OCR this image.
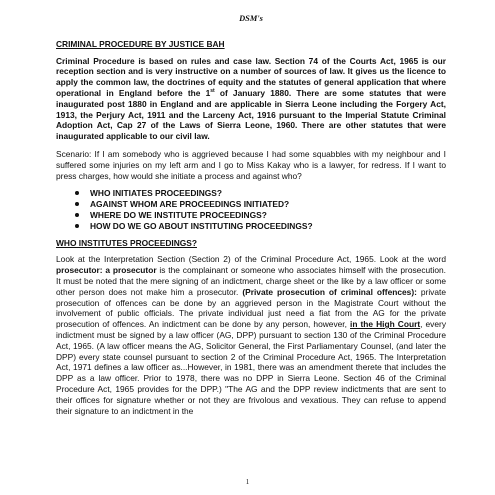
DSM's
CRIMINAL PROCEDURE BY JUSTICE BAH

Criminal Procedure is based on rules and case law. Section 74 of the Courts Act, 1965 is our reception section and is very instructive on a number of sources of law. It gives us the licence to apply the common law, the doctrines of equity and the statutes of general application that where operational in England before the 1st of January 1880. There are some statutes that were inaugurated post 1880 in England and are applicable in Sierra Leone including the Forgery Act, 1913, the Perjury Act, 1911 and the Larceny Act, 1916 pursuant to the Imperial Statute Criminal Adoption Act, Cap 27 of the Laws of Sierra Leone, 1960. There are other statutes that were inaugurated applicable to our civil law.

Scenario: If I am somebody who is aggrieved because I had some squabbles with my neighbour and I suffered some injuries on my left arm and I go to Miss Kakay who is a lawyer, for redress. If I want to press charges, how would she initiate a process and against who?

WHO INITIATES PROCEEDINGS?
AGAINST WHOM ARE PROCEEDINGS INITIATED?
WHERE DO WE INSTITUTE PROCEEDINGS?
HOW DO WE GO ABOUT INSTITUTING PROCEEDINGS?
WHO INSTITUTES PROCEEDINGS?

Look at the Interpretation Section (Section 2) of the Criminal Procedure Act, 1965. Look at the word prosecutor: a prosecutor is the complainant or someone who associates himself with the prosecution. It must be noted that the mere signing of an indictment, charge sheet or the like by a law officer or some other person does not make him a prosecutor. (Private prosecution of criminal offences): private prosecution of offences can be done by an aggrieved person in the Magistrate Court without the involvement of public officials. The private individual just need a fiat from the AG for the private prosecution of offences. An indictment can be done by any person, however, in the High Court, every indictment must be signed by a law officer (AG, DPP) pursuant to section 130 of the Criminal Procedure Act, 1965. (A law officer means the AG, Solicitor General, the First Parliamentary Counsel, (and later the DPP) every state counsel pursuant to section 2 of the Criminal Procedure Act, 1965. The Interpretation Act, 1971 defines a law officer as...However, in 1981, there was an amendment therete that includes the DPP as a law officer. Prior to 1978, there was no DPP in Sierra Leone. Section 46 of the Criminal Procedure Act, 1965 provides for the DPP.) "The AG and the DPP review indictments that are sent to their offices for signature whether or not they are frivolous and vexatious. They can refuse to append their signature to an indictment in the

1
